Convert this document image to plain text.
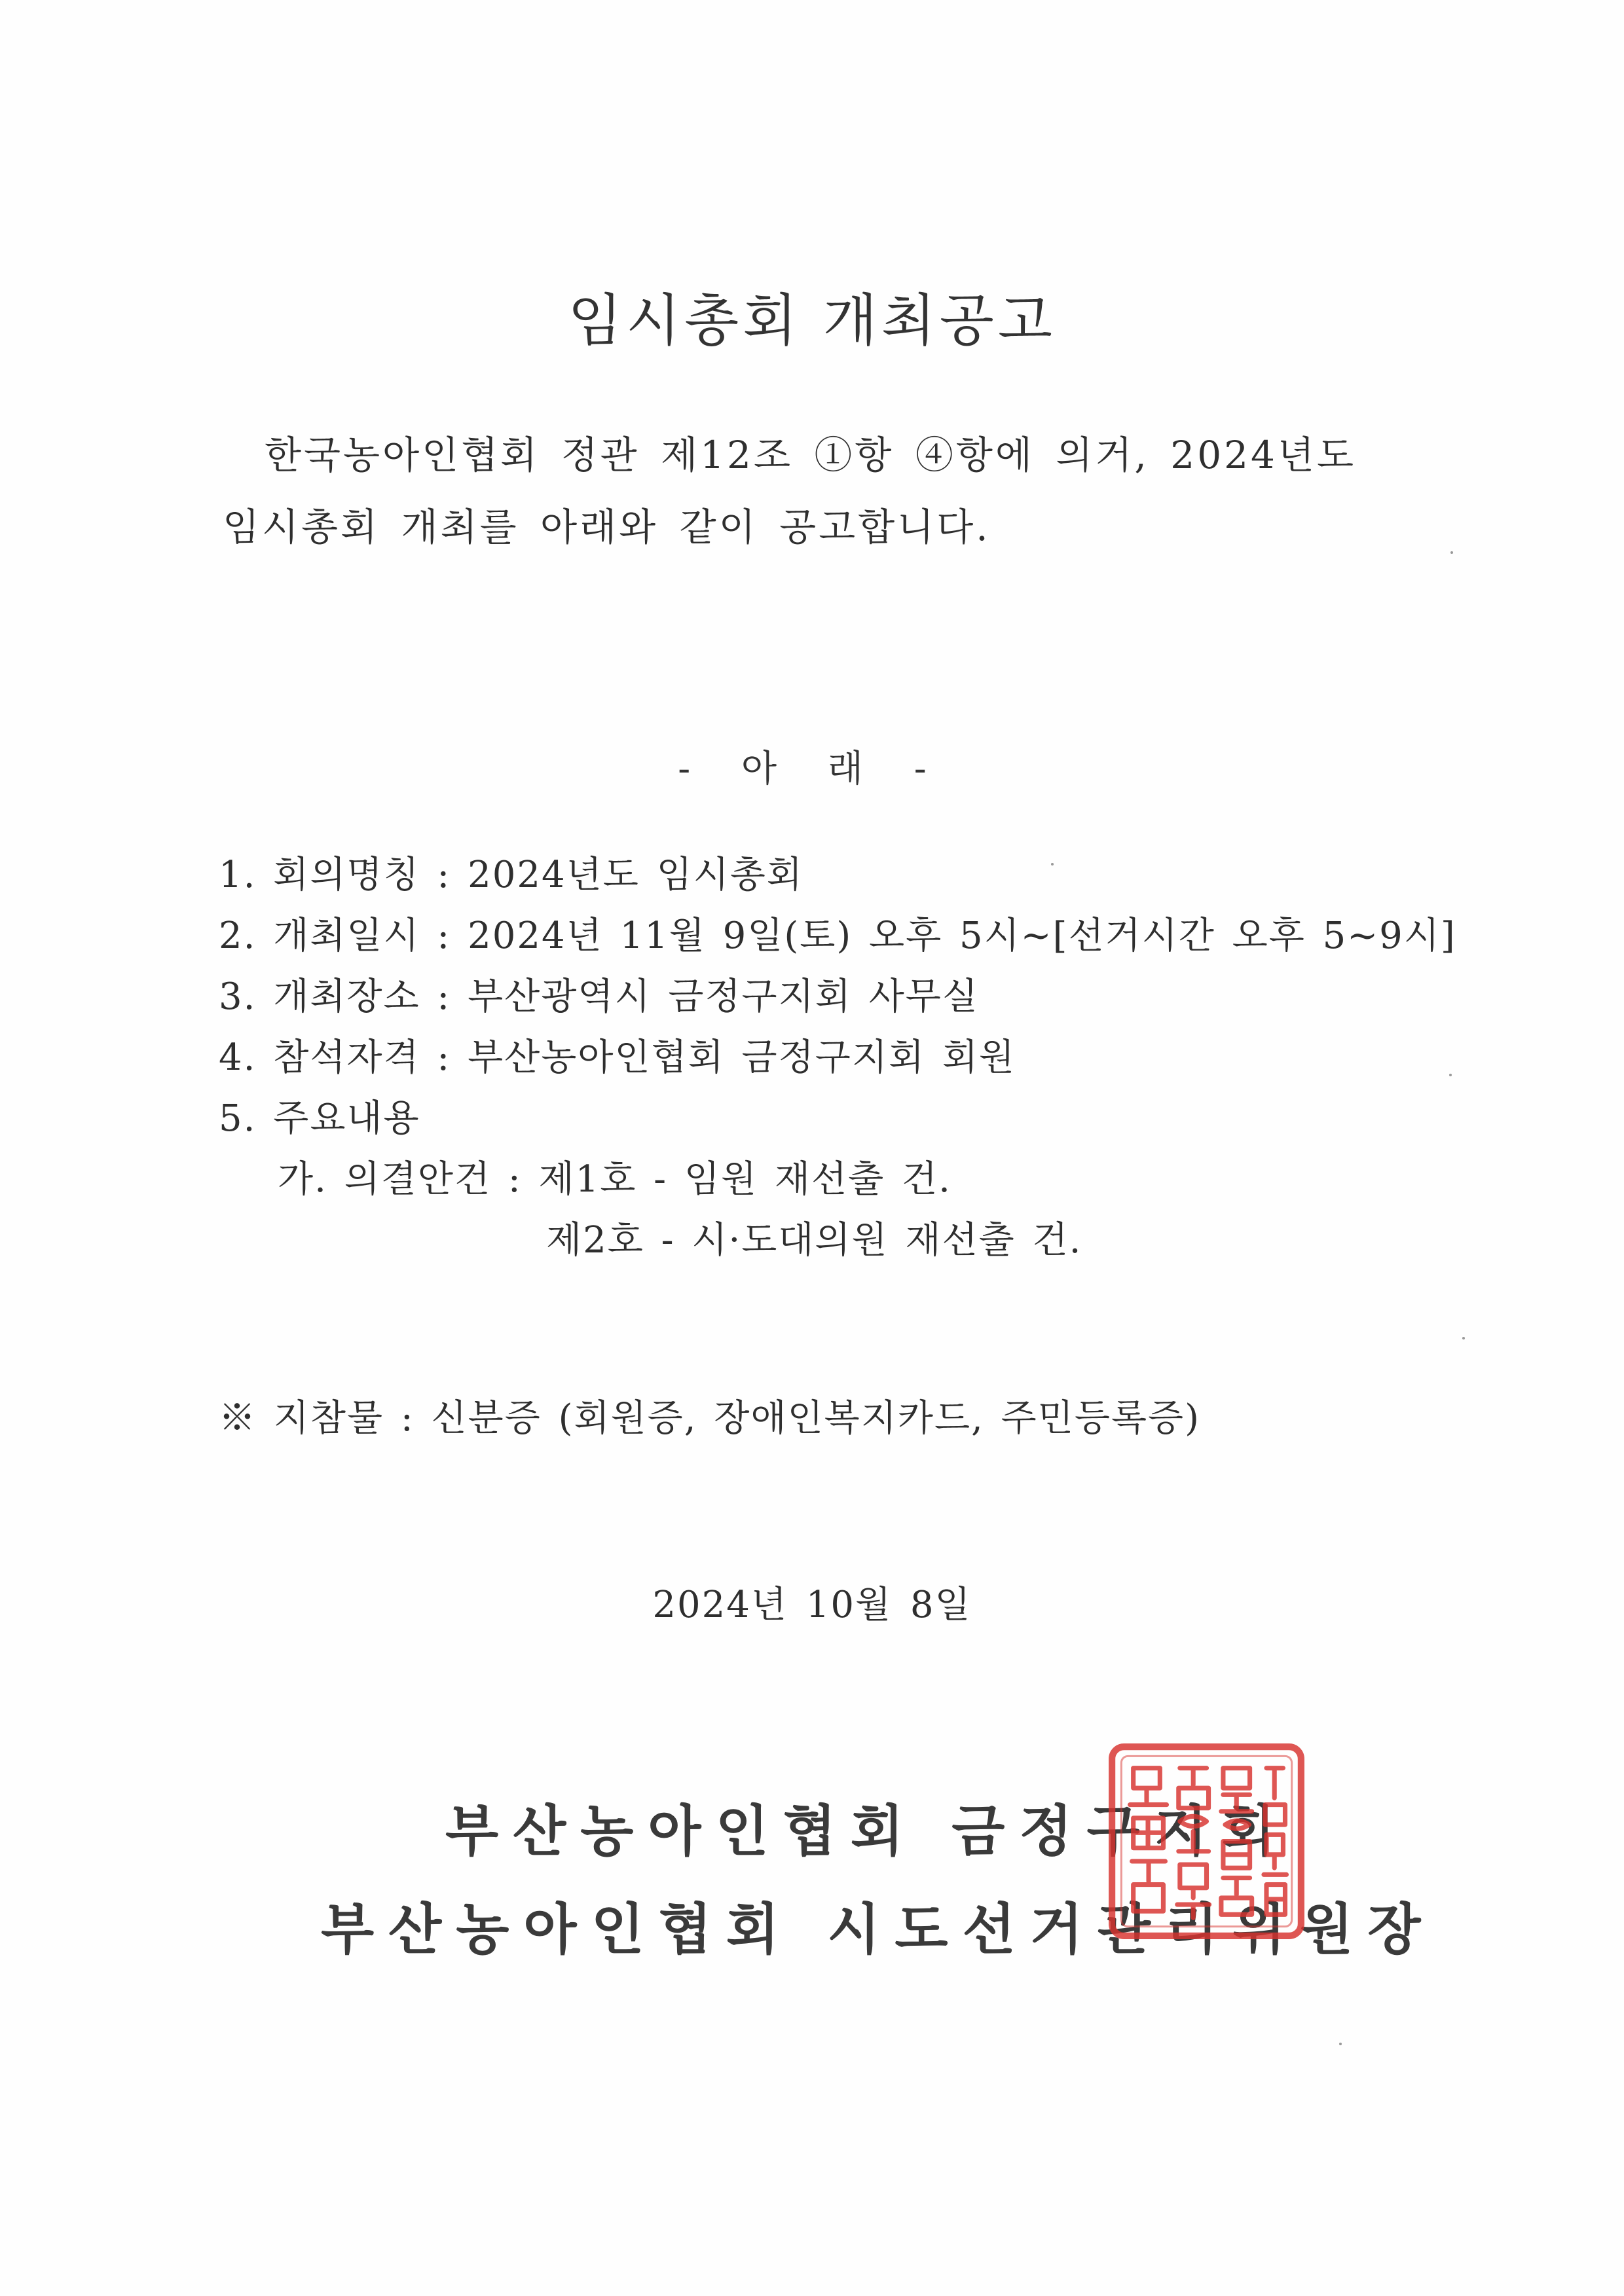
임시총회 개최공고
한국농아인협회 정관 제12조 ①항 ④항에 의거, 2024년도
임시총회 개최를 아래와 같이 공고합니다.
- 아 래 -
1. 회의명칭 : 2024년도 임시총회
2. 개최일시 : 2024년 11월 9일(토) 오후 5시~[선거시간 오후 5~9시]
3. 개최장소 : 부산광역시 금정구지회 사무실
4. 참석자격 : 부산농아인협회 금정구지회 회원
5. 주요내용
가. 의결안건 : 제1호 - 임원 재선출 건.
제2호 - 시·도대의원 재선출 건.
※ 지참물 : 신분증 (회원증, 장애인복지카드, 주민등록증)
2024년 10월 8일
부산농아인협회 금정구지회
부산농아인협회 시도선거관리위원장
